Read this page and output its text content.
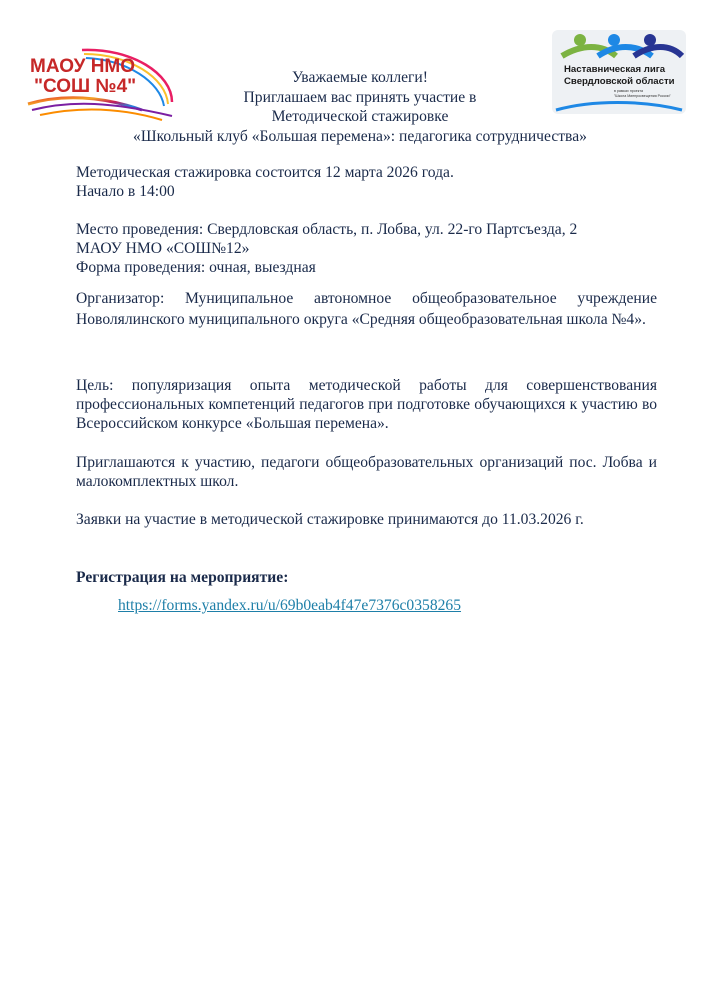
МАОУ НМО
"СОШ №4"
Наставническая лига
Свердловской области
в рамках проекта
"Школа Минпросвещения России"
Уважаемые коллеги!
Приглашаем вас принять участие в
Методической стажировке
«Школьный клуб «Большая перемена»: педагогика сотрудничества»
Методическая стажировка состоится 12 марта 2026 года.
Начало в 14:00
Место проведения: Свердловская область, п. Лобва, ул. 22-го Партсъезда, 2
МАОУ НМО «СОШ№12»
Форма проведения: очная, выездная
Организатор: Муниципальное автономное общеобразовательное учреждение Новолялинского муниципального округа «Средняя общеобразовательная школа №4».
Цель: популяризация опыта методической работы для совершенствования профессиональных компетенций педагогов при подготовке обучающихся к участию во Всероссийском конкурсе «Большая перемена».
Приглашаются к участию, педагоги общеобразовательных организаций пос. Лобва и малокомплектных школ.
Заявки на участие в методической стажировке принимаются до 11.03.2026 г.
Регистрация на мероприятие:
https://forms.yandex.ru/u/69b0eab4f47e7376c0358265
